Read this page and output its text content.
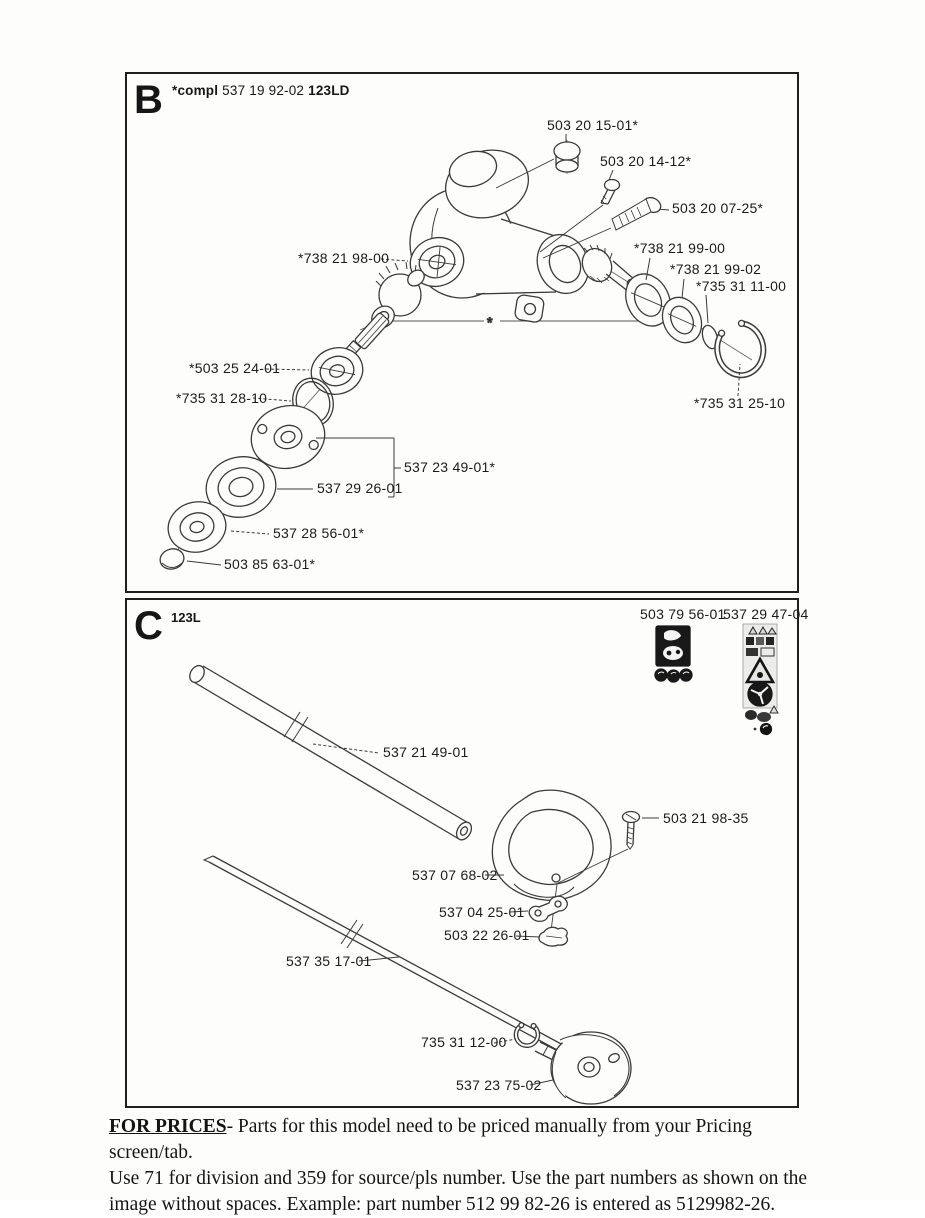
B *compl 537 19 92-02 123LD
C 123L
*
503 20 15-01*
503 20 14-12*
503 20 07-25*
*738 21 98-00
*738 21 99-00
*738 21 99-02
*735 31 11-00
*735 31 25-10
*503 25 24-01
*735 31 28-10
537 23 49-01*
537 29 26-01
537 28 56-01*
503 85 63-01*
503 79 56-01
537 29 47-04
537 21 49-01
503 21 98-35
537 07 68-02
537 04 25-01
503 22 26-01
537 35 17-01
735 31 12-00
537 23 75-02
FOR PRICES- Parts for this model need to be priced manually from your Pricing screen/tab.
Use 71 for division and 359 for source/pls number. Use the part numbers as shown on the
image without spaces. Example: part number 512 99 82-26 is entered as 5129982-26.
